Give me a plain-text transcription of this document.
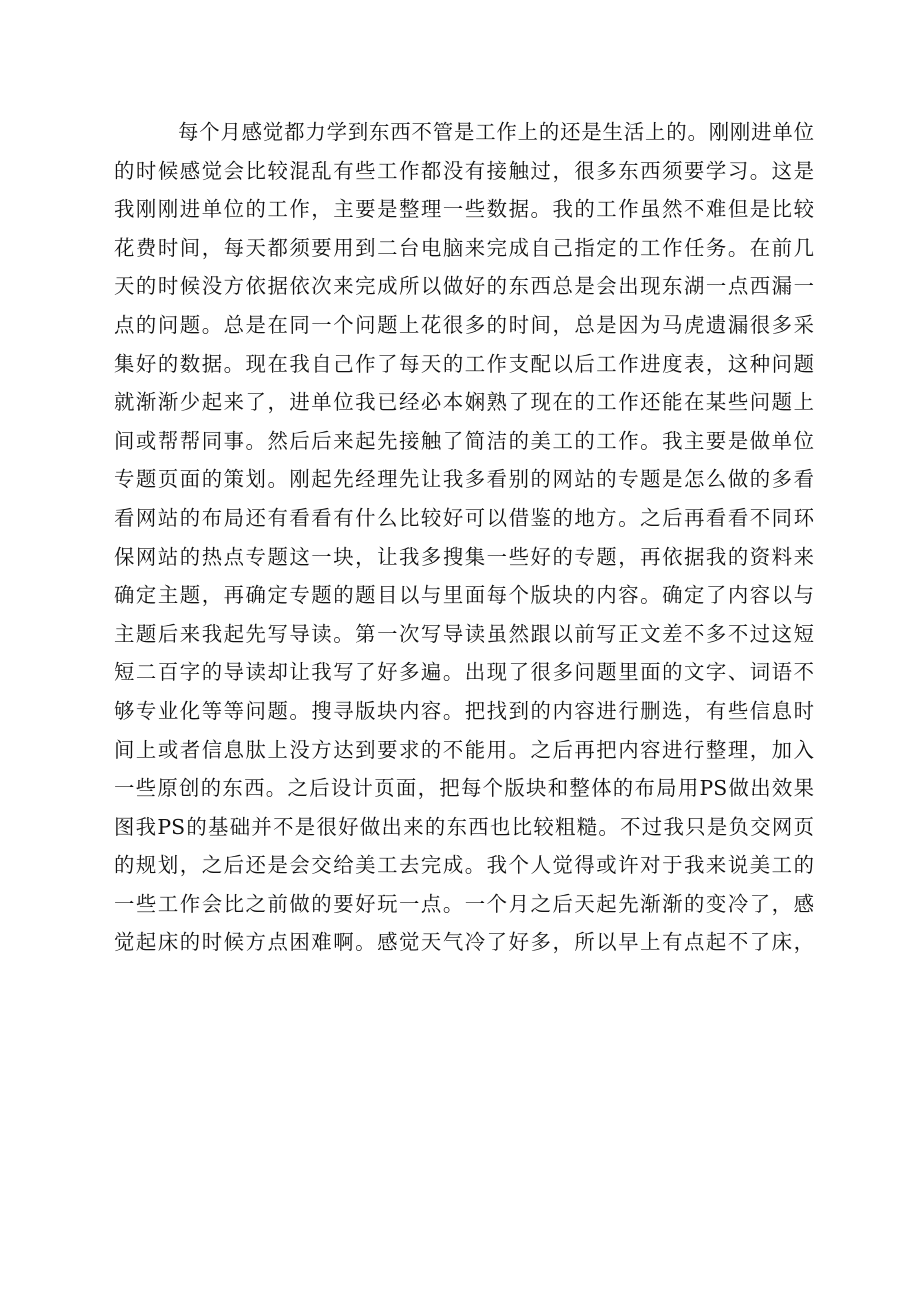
每个月感觉都力学到东西不管是工作上的还是生活上的。刚刚进单位
的时候感觉会比较混乱有些工作都没有接触过，很多东西须要学习。这是
我刚刚进单位的工作，主要是整理一些数据。我的工作虽然不难但是比较
花费时间，每天都须要用到二台电脑来完成自己指定的工作任务。在前几
天的时候没方依据依次来完成所以做好的东西总是会出现东湖一点西漏一
点的问题。总是在同一个问题上花很多的时间，总是因为马虎遗漏很多采
集好的数据。现在我自己作了每天的工作支配以后工作进度表，这种问题
就渐渐少起来了，进单位我已经必本娴熟了现在的工作还能在某些问题上
间或帮帮同事。然后后来起先接触了简洁的美工的工作。我主要是做单位
专题页面的策划。刚起先经理先让我多看别的网站的专题是怎么做的多看
看网站的布局还有看看有什么比较好可以借鉴的地方。之后再看看不同环
保网站的热点专题这一块，让我多搜集一些好的专题，再依据我的资料来
确定主题，再确定专题的题目以与里面每个版块的内容。确定了内容以与
主题后来我起先写导读。第一次写导读虽然跟以前写正文差不多不过这短
短二百字的导读却让我写了好多遍。出现了很多问题里面的文字、词语不
够专业化等等问题。搜寻版块内容。把找到的内容进行删选，有些信息时
间上或者信息肽上没方达到要求的不能用。之后再把内容进行整理，加入
一些原创的东西。之后设计页面，把每个版块和整体的布局用PS做出效果
图我PS的基础并不是很好做出来的东西也比较粗糙。不过我只是负交网页
的规划，之后还是会交给美工去完成。我个人觉得或许对于我来说美工的
一些工作会比之前做的要好玩一点。一个月之后天起先渐渐的变冷了，感
觉起床的时候方点困难啊。感觉天气冷了好多，所以早上有点起不了床，
